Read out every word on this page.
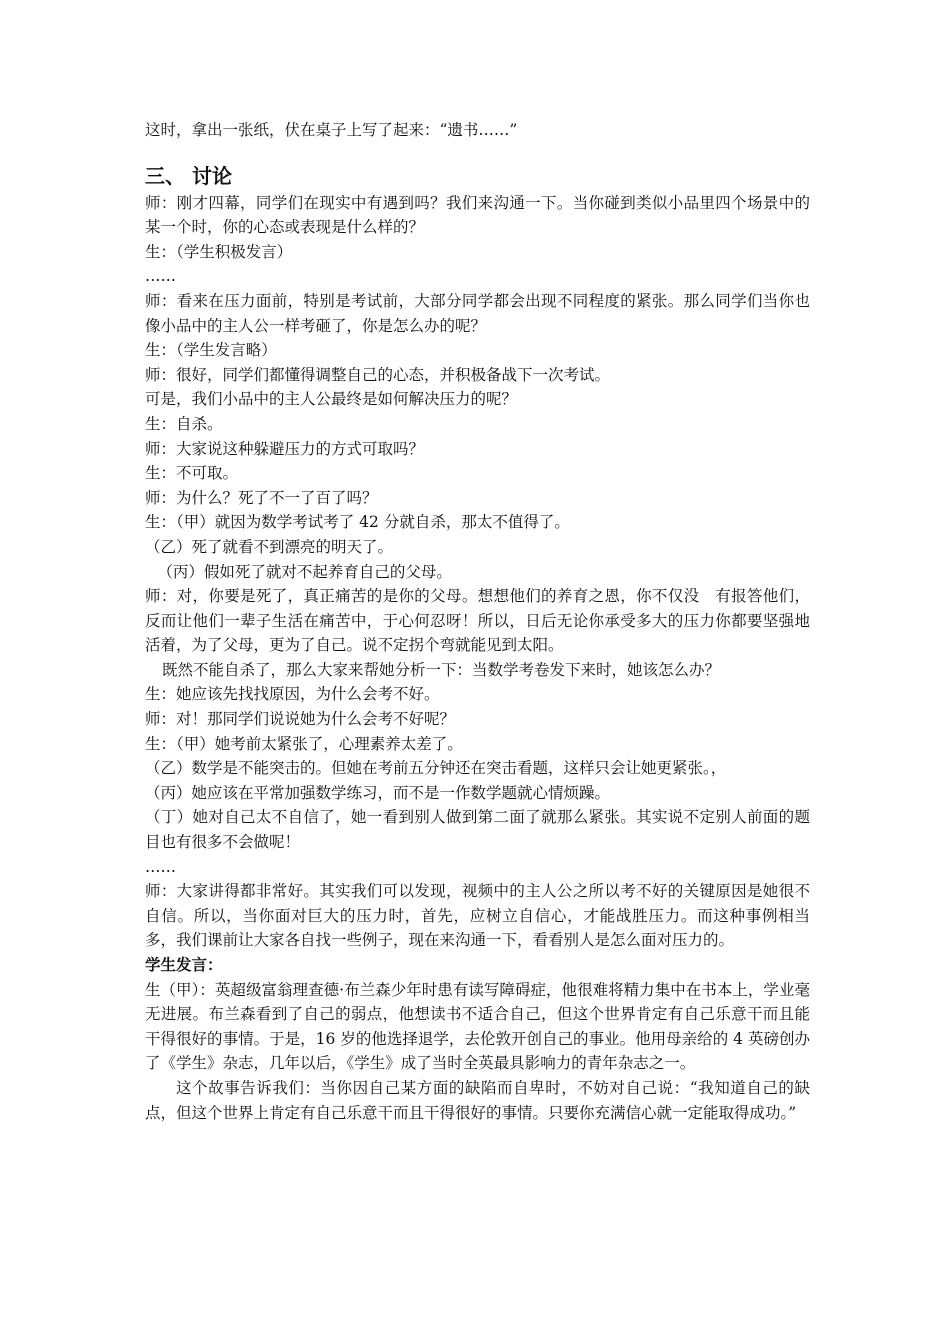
这时，拿出一张纸，伏在桌子上写了起来：“遗书……”

三、 讨论

师：刚才四幕，同学们在现实中有遇到吗？我们来沟通一下。当你碰到类似小品里四个场景中的某一个时，你的心态或表现是什么样的？

生：（学生积极发言）

……

师：看来在压力面前，特别是考试前，大部分同学都会出现不同程度的紧张。那么同学们当你也像小品中的主人公一样考砸了，你是怎么办的呢？

生：（学生发言略）

师：很好，同学们都懂得调整自己的心态，并积极备战下一次考试。

可是，我们小品中的主人公最终是如何解决压力的呢？

生：自杀。

师：大家说这种躲避压力的方式可取吗？

生：不可取。

师：为什么？死了不一了百了吗？

生：（甲）就因为数学考试考了 42 分就自杀，那太不值得了。

（乙）死了就看不到漂亮的明天了。

（丙）假如死了就对不起养育自己的父母。

师：对，你要是死了，真正痛苦的是你的父母。想想他们的养育之恩，你不仅没　有报答他们，反而让他们一辈子生活在痛苦中，于心何忍呀！所以，日后无论你承受多大的压力你都要坚强地活着，为了父母，更为了自己。说不定拐个弯就能见到太阳。

既然不能自杀了，那么大家来帮她分析一下：当数学考卷发下来时，她该怎么办？

生：她应该先找找原因，为什么会考不好。

师：对！那同学们说说她为什么会考不好呢？

生：（甲）她考前太紧张了，心理素养太差了。

（乙）数学是不能突击的。但她在考前五分钟还在突击看题，这样只会让她更紧张。，

（丙）她应该在平常加强数学练习，而不是一作数学题就心情烦躁。

（丁）她对自己太不自信了，她一看到别人做到第二面了就那么紧张。其实说不定别人前面的题目也有很多不会做呢！

……

师：大家讲得都非常好。其实我们可以发现，视频中的主人公之所以考不好的关键原因是她很不自信。所以，当你面对巨大的压力时，首先，应树立自信心，才能战胜压力。而这种事例相当多，我们课前让大家各自找一些例子，现在来沟通一下，看看别人是怎么面对压力的。

学生发言：

生（甲）：英超级富翁理查德·布兰森少年时患有读写障碍症，他很难将精力集中在书本上，学业毫无进展。布兰森看到了自己的弱点，他想读书不适合自己，但这个世界肯定有自己乐意干而且能干得很好的事情。于是，16 岁的他选择退学，去伦敦开创自己的事业。他用母亲给的 4 英磅创办了《学生》杂志，几年以后，《学生》成了当时全英最具影响力的青年杂志之一。

这个故事告诉我们：当你因自己某方面的缺陷而自卑时，不妨对自己说：“我知道自己的缺点，但这个世界上肯定有自己乐意干而且干得很好的事情。只要你充满信心就一定能取得成功。”
